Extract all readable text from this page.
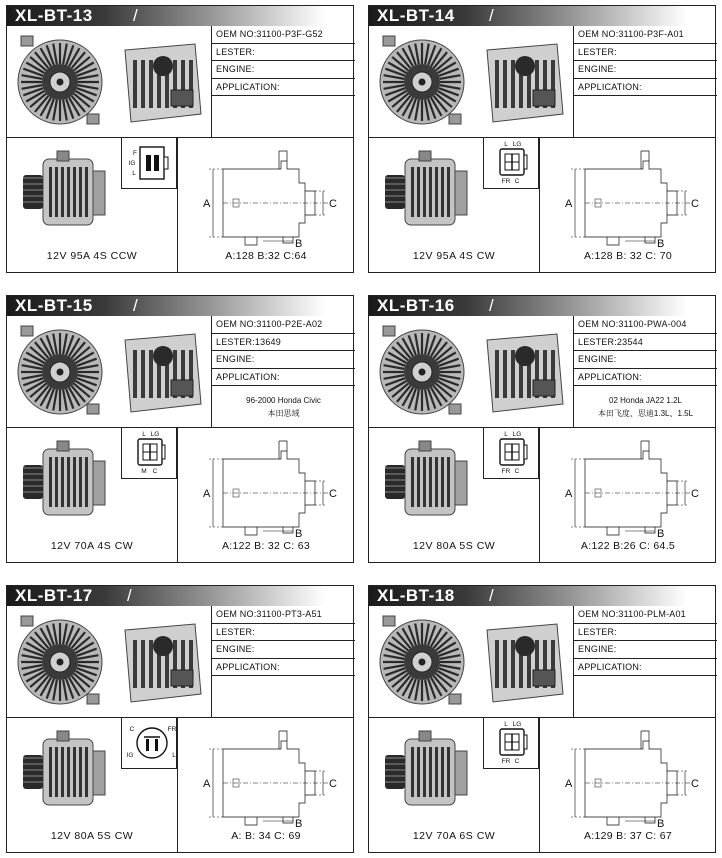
XL-BT-13 /
OEM NO:31100-P3F-G52
LESTER:
ENGINE:
APPLICATION:
F
IG
L
A
B
C
12V 95A 4S CCW	A:128 B:32 C:64
XL-BT-14 /
OEM NO:31100-P3F-A01
LESTER:
ENGINE:
APPLICATION:
L LG
FR C
A
B
C
12V 95A 4S CW	A:128 B: 32 C: 70
XL-BT-15 /
OEM NO:31100-P2E-A02
LESTER:13649
ENGINE:
APPLICATION:
96-2000 Honda Civic
本田思域
L LG
M C
A
B
C
12V 70A 4S CW	A:122 B: 32 C: 63
XL-BT-16 /
OEM NO:31100-PWA-004
LESTER:23544
ENGINE:
APPLICATION:
02 Honda JA22 1.2L
本田飞度、思迪1.3L、1.5L
L LG
FR C
A
B
C
12V 80A 5S CW	A:122 B:26 C: 64.5
XL-BT-17 /
OEM NO:31100-PT3-A51
LESTER:
ENGINE:
APPLICATION:
C	FR
IG	L
A
B
C
12V 80A 5S CW	A: B: 34 C: 69
XL-BT-18 /
OEM NO:31100-PLM-A01
LESTER:
ENGINE:
APPLICATION:
L LG
FR C
A
B
C
12V 70A 6S CW	A:129 B: 37 C: 67
